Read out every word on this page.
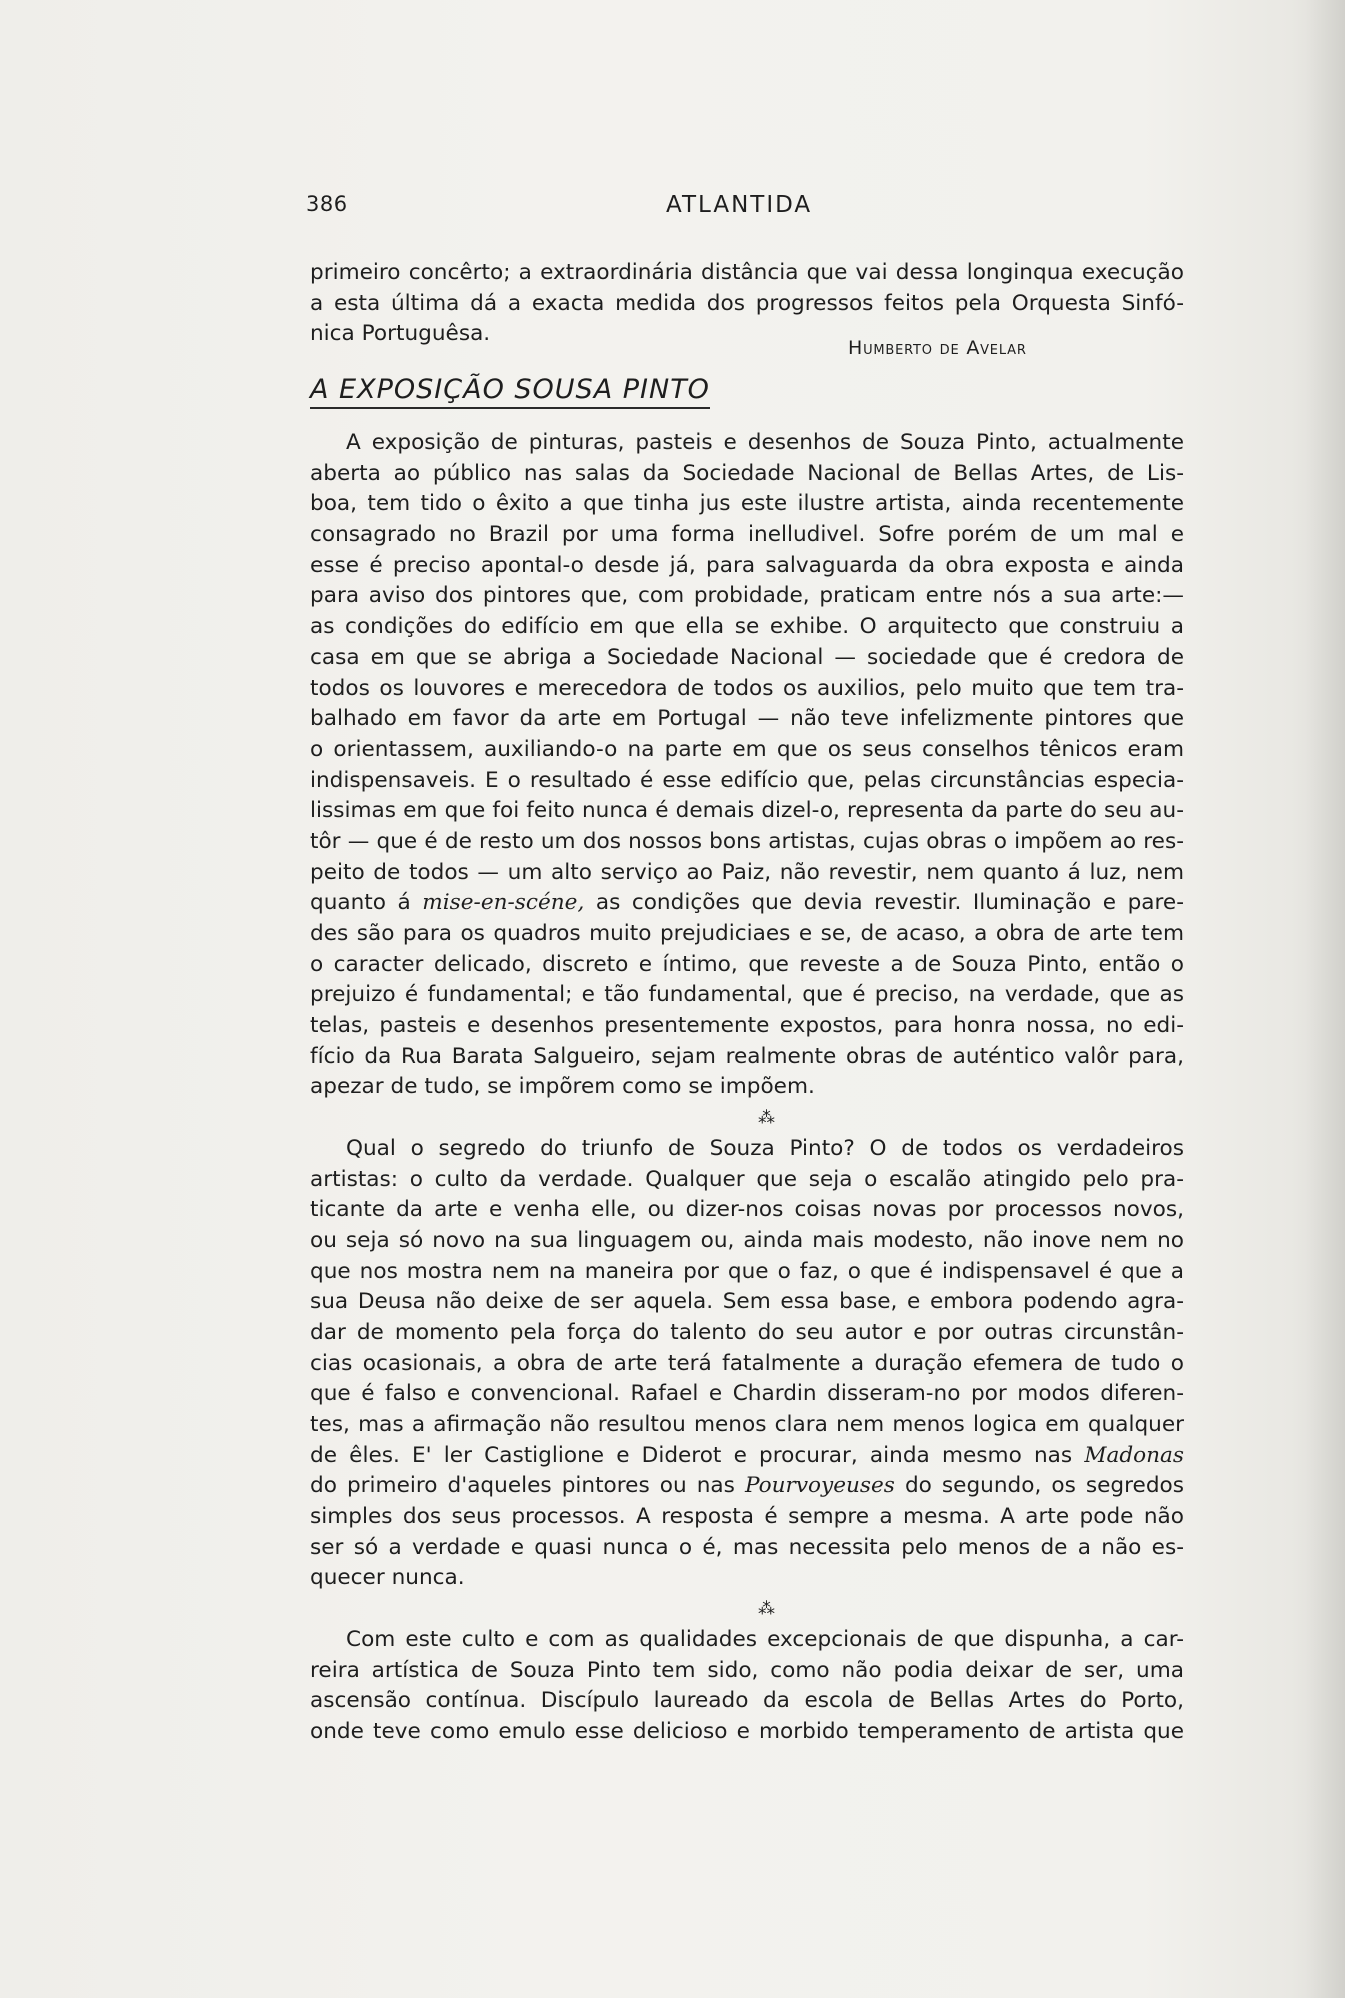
386	ATLANTIDA
primeiro concêrto; a extraordinária distância que vai dessa longinqua execução
a esta última dá a exacta medida dos progressos feitos pela Orquesta Sinfó-
nica Portuguêsa.
Humberto de Avelar
A EXPOSIÇÃO SOUSA PINTO
A exposição de pinturas, pasteis e desenhos de Souza Pinto, actualmente
aberta ao público nas salas da Sociedade Nacional de Bellas Artes, de Lis-
boa, tem tido o êxito a que tinha jus este ilustre artista, ainda recentemente
consagrado no Brazil por uma forma inelludivel. Sofre porém de um mal e
esse é preciso apontal-o desde já, para salvaguarda da obra exposta e ainda
para aviso dos pintores que, com probidade, praticam entre nós a sua arte:—
as condições do edifício em que ella se exhibe. O arquitecto que construiu a
casa em que se abriga a Sociedade Nacional — sociedade que é credora de
todos os louvores e merecedora de todos os auxilios, pelo muito que tem tra-
balhado em favor da arte em Portugal — não teve infelizmente pintores que
o orientassem, auxiliando-o na parte em que os seus conselhos tênicos eram
indispensaveis. E o resultado é esse edifício que, pelas circunstâncias especia-
lissimas em que foi feito nunca é demais dizel-o, representa da parte do seu au-
tôr — que é de resto um dos nossos bons artistas, cujas obras o impõem ao res-
peito de todos — um alto serviço ao Paiz, não revestir, nem quanto á luz, nem
quanto á mise-en-scéne, as condições que devia revestir. Iluminação e pare-
des são para os quadros muito prejudiciaes e se, de acaso, a obra de arte tem
o caracter delicado, discreto e íntimo, que reveste a de Souza Pinto, então o
prejuizo é fundamental; e tão fundamental, que é preciso, na verdade, que as
telas, pasteis e desenhos presentemente expostos, para honra nossa, no edi-
fício da Rua Barata Salgueiro, sejam realmente obras de auténtico valôr para,
apezar de tudo, se impõrem como se impõem.
⁂
Qual o segredo do triunfo de Souza Pinto? O de todos os verdadeiros
artistas: o culto da verdade. Qualquer que seja o escalão atingido pelo pra-
ticante da arte e venha elle, ou dizer-nos coisas novas por processos novos,
ou seja só novo na sua linguagem ou, ainda mais modesto, não inove nem no
que nos mostra nem na maneira por que o faz, o que é indispensavel é que a
sua Deusa não deixe de ser aquela. Sem essa base, e embora podendo agra-
dar de momento pela força do talento do seu autor e por outras circunstân-
cias ocasionais, a obra de arte terá fatalmente a duração efemera de tudo o
que é falso e convencional. Rafael e Chardin disseram-no por modos diferen-
tes, mas a afirmação não resultou menos clara nem menos logica em qualquer
de êles. E' ler Castiglione e Diderot e procurar, ainda mesmo nas Madonas
do primeiro d'aqueles pintores ou nas Pourvoyeuses do segundo, os segredos
simples dos seus processos. A resposta é sempre a mesma. A arte pode não
ser só a verdade e quasi nunca o é, mas necessita pelo menos de a não es-
quecer nunca.
⁂
Com este culto e com as qualidades excepcionais de que dispunha, a car-
reira artística de Souza Pinto tem sido, como não podia deixar de ser, uma
ascensão contínua. Discípulo laureado da escola de Bellas Artes do Porto,
onde teve como emulo esse delicioso e morbido temperamento de artista que
